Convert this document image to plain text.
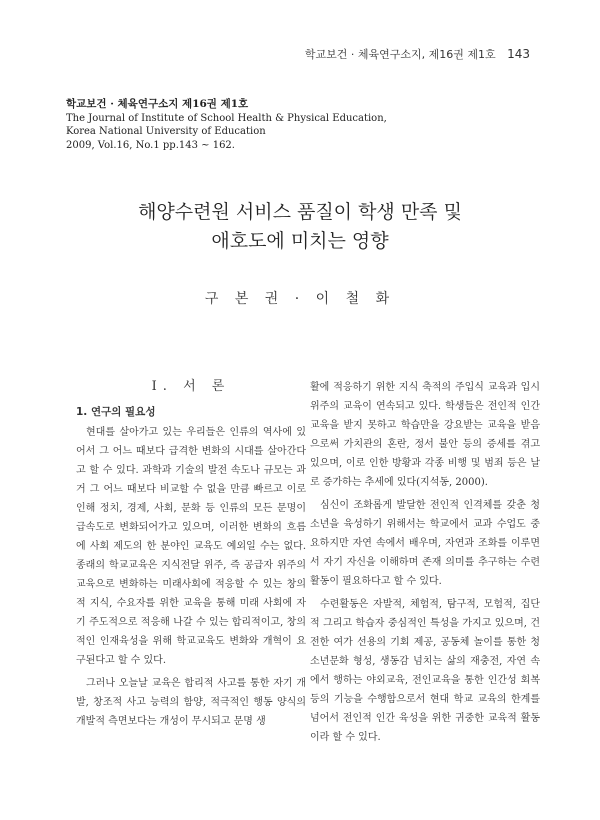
학교보건 · 체육연구소지, 제16권 제1호 143
학교보건 · 체육연구소지 제16권 제1호
The Journal of Institute of School Health & Physical Education,
Korea National University of Education
2009, Vol.16, No.1 pp.143 ~ 162.
해양수련원 서비스 품질이 학생 만족 및
애호도에 미치는 영향
구 본 권 · 이 철 화
I. 서 론
1. 연구의 필요성

현대를 살아가고 있는 우리들은 인류의 역사에 있어서 그 어느 때보다 급격한 변화의 시대를 살아간다고 할 수 있다. 과학과 기술의 발전 속도나 규모는 과거 그 어느 때보다 비교할 수 없을 만큼 빠르고 이로 인해 정치, 경제, 사회, 문화 등 인류의 모든 문명이 급속도로 변화되어가고 있으며, 이러한 변화의 흐름에 사회 제도의 한 분야인 교육도 예외일 수는 없다. 종래의 학교교육은 지식전달 위주, 즉 공급자 위주의 교육으로 변화하는 미래사회에 적응할 수 있는 창의적 지식, 수요자를 위한 교육을 통해 미래 사회에 자기 주도적으로 적응해 나갈 수 있는 합리적이고, 창의적인 인재육성을 위해 학교교육도 변화와 개혁이 요구된다고 할 수 있다.

그러나 오늘날 교육은 합리적 사고를 통한 자기 개발, 창조적 사고 능력의 함양, 적극적인 행동 양식의 개발적 측면보다는 개성이 무시되고 문명 생

활에 적응하기 위한 지식 축적의 주입식 교육과 입시 위주의 교육이 연속되고 있다. 학생들은 전인적 인간 교육을 받지 못하고 학습만을 강요받는 교육을 받음으로써 가치관의 혼란, 정서 불안 등의 증세를 겪고 있으며, 이로 인한 방황과 각종 비행 및 범죄 등은 날로 증가하는 추세에 있다(지석동, 2000).

심신이 조화롭게 발달한 전인적 인격체를 갖춘 청소년을 육성하기 위해서는 학교에서 교과 수업도 중요하지만 자연 속에서 배우며, 자연과 조화를 이루면서 자기 자신을 이해하며 존재 의미를 추구하는 수련활동이 필요하다고 할 수 있다.

수련활동은 자발적, 체험적, 탐구적, 모험적, 집단적 그리고 학습자 중심적인 특성을 가지고 있으며, 건전한 여가 선용의 기회 제공, 공동체 놀이를 통한 청소년문화 형성, 생동감 넘치는 삶의 재충전, 자연 속에서 행하는 야외교육, 전인교육을 통한 인간성 회복 등의 기능을 수행함으로서 현대 학교 교육의 한계를 넘어서 전인적 인간 육성을 위한 귀중한 교육적 활동이라 할 수 있다.
